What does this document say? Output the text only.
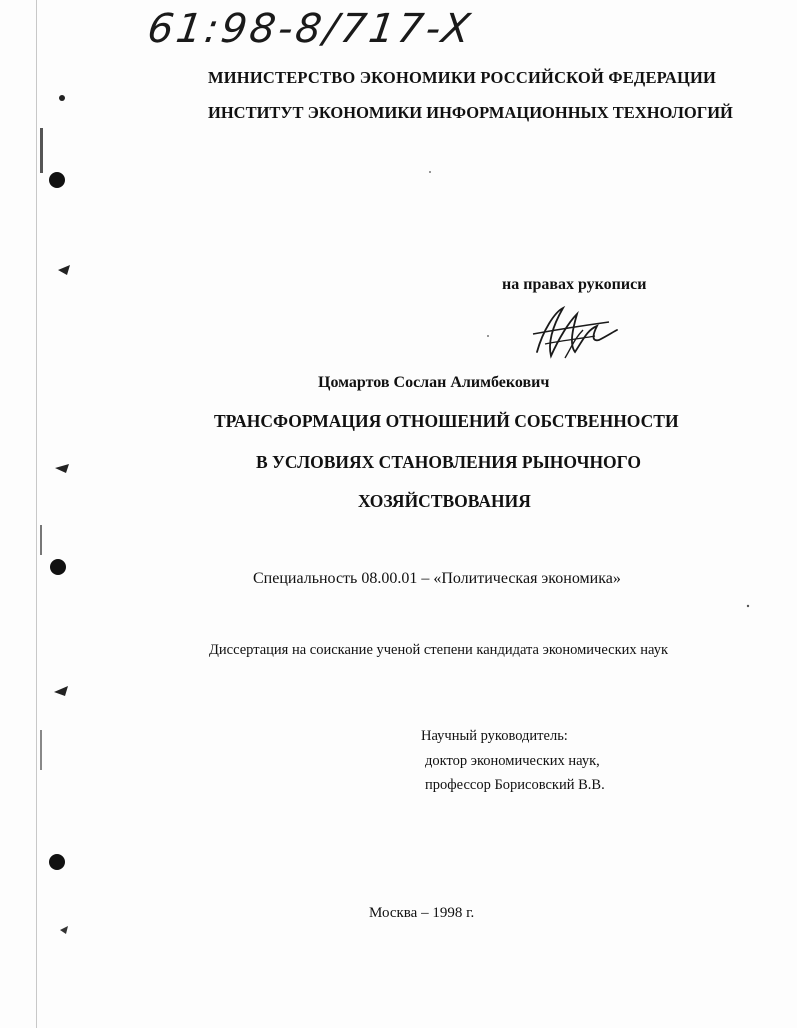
61:98-8/717-X
МИНИСТЕРСТВО ЭКОНОМИКИ РОССИЙСКОЙ ФЕДЕРАЦИИ
ИНСТИТУТ ЭКОНОМИКИ ИНФОРМАЦИОННЫХ ТЕХНОЛОГИЙ
на правах рукописи
Цомартов Сослан Алимбекович
ТРАНСФОРМАЦИЯ ОТНОШЕНИЙ СОБСТВЕННОСТИ
В УСЛОВИЯХ СТАНОВЛЕНИЯ РЫНОЧНОГО
ХОЗЯЙСТВОВАНИЯ
Специальность 08.00.01 – «Политическая экономика»
Диссертация на соискание ученой степени кандидата экономических наук
Научный руководитель:
доктор экономических наук,
профессор Борисовский В.В.
Москва – 1998 г.
